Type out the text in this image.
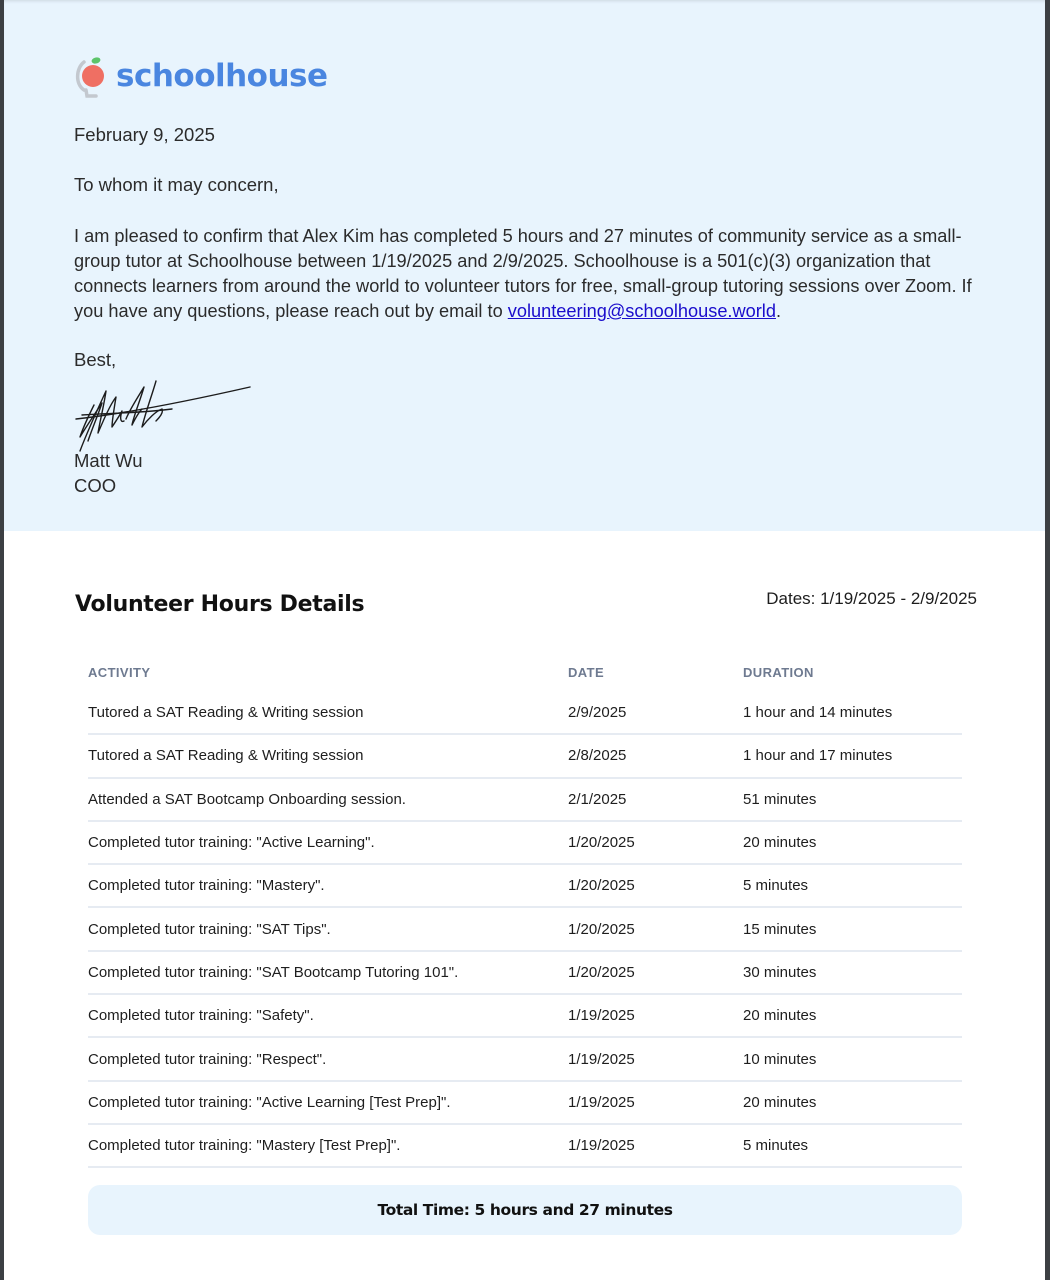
schoolhouse
February 9, 2025
To whom it may concern,

I am pleased to confirm that Alex Kim has completed 5 hours and 27 minutes of community service as a small-group tutor at Schoolhouse between 1/19/2025 and 2/9/2025. Schoolhouse is a 501(c)(3) organization that connects learners from around the world to volunteer tutors for free, small-group tutoring sessions over Zoom. If you have any questions, please reach out by email to volunteering@schoolhouse.world.

Best,
Matt Wu
COO
Volunteer Hours Details	Dates: 1/19/2025 - 2/9/2025
ACTIVITY	DATE	DURATION
Tutored a SAT Reading & Writing session	2/9/2025	1 hour and 14 minutes
Tutored a SAT Reading & Writing session	2/8/2025	1 hour and 17 minutes
Attended a SAT Bootcamp Onboarding session.	2/1/2025	51 minutes
Completed tutor training: "Active Learning".	1/20/2025	20 minutes
Completed tutor training: "Mastery".	1/20/2025	5 minutes
Completed tutor training: "SAT Tips".	1/20/2025	15 minutes
Completed tutor training: "SAT Bootcamp Tutoring 101".	1/20/2025	30 minutes
Completed tutor training: "Safety".	1/19/2025	20 minutes
Completed tutor training: "Respect".	1/19/2025	10 minutes
Completed tutor training: "Active Learning [Test Prep]".	1/19/2025	20 minutes
Completed tutor training: "Mastery [Test Prep]".	1/19/2025	5 minutes
Total Time: 5 hours and 27 minutes
